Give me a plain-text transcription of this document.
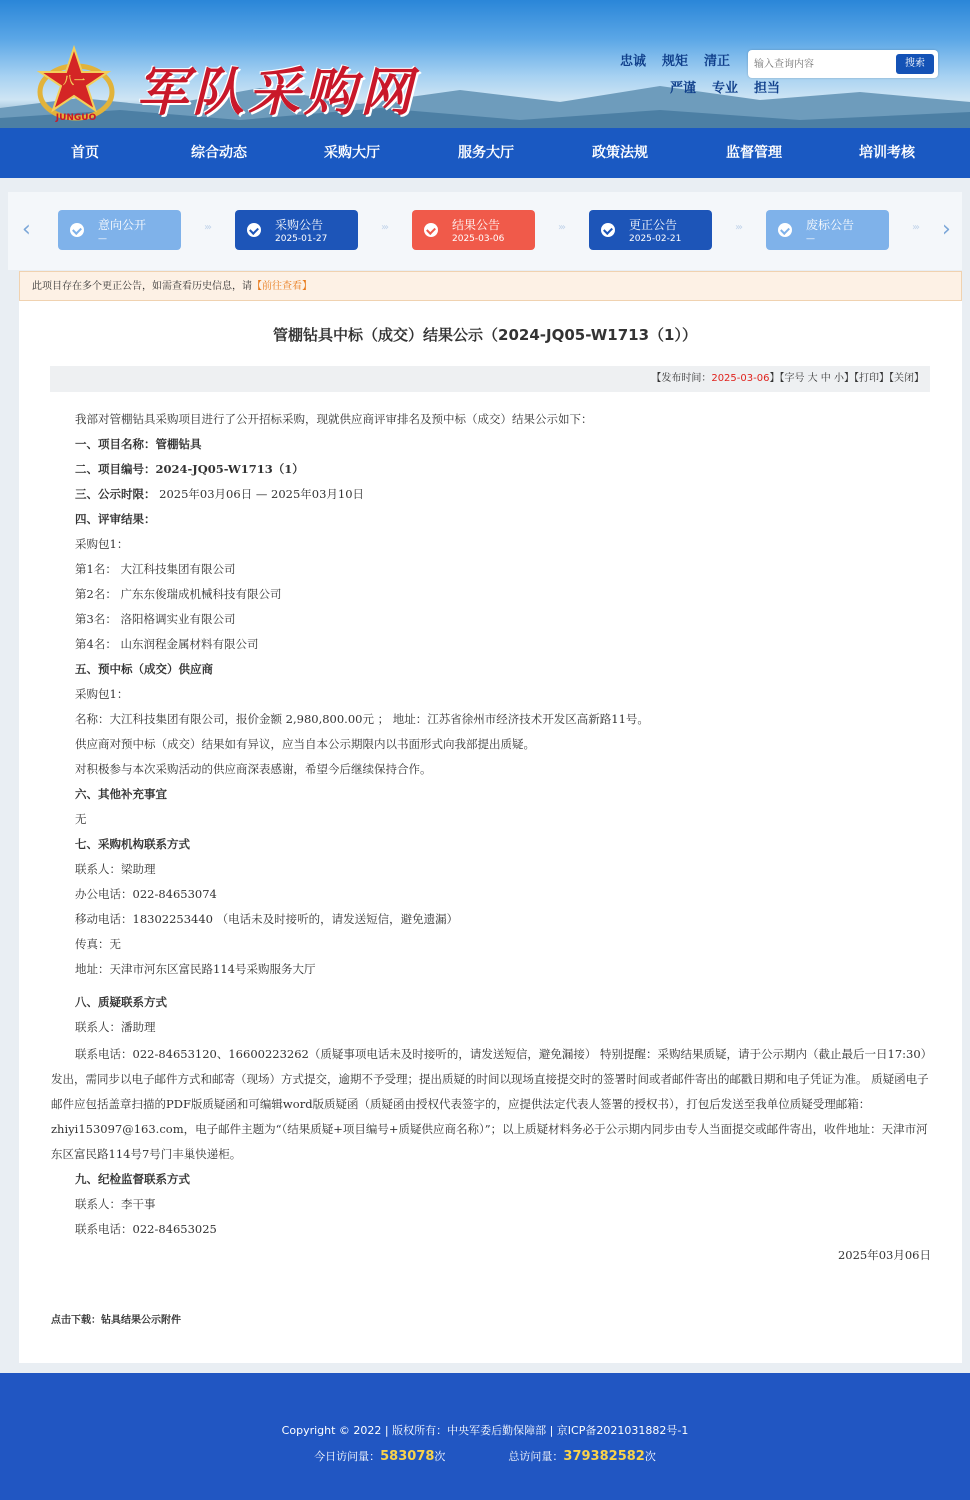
八一
JUNGUO 军队采购网
忠诚 规矩 清正
严谨 专业 担当
输入查询内容
搜索
首页	综合动态	采购大厅	服务大厅	政策法规	监督管理	培训考核
‹	›
意向公开
—
›››	采购公告
2025-01-27
›››	结果公告
2025-03-06
›››	更正公告
2025-02-21
›››	废标公告
—
›››
此项目存在多个更正公告，如需查看历史信息，请【前往查看】
管棚钻具中标（成交）结果公示（2024-JQ05-W1713（1））
【发布时间：2025-03-06】【字号 大 中 小】【打印】【关闭】
我部对管棚钻具采购项目进行了公开招标采购，现就供应商评审排名及预中标（成交）结果公示如下：
一、项目名称：管棚钻具
二、项目编号：2024-JQ05-W1713（1）
三、公示时限： 2025年03月06日 — 2025年03月10日
四、评审结果：
采购包1：
第1名： 大江科技集团有限公司
第2名： 广东东俊瑞成机械科技有限公司
第3名： 洛阳格调实业有限公司
第4名： 山东润程金属材料有限公司
五、预中标（成交）供应商
采购包1：
名称：大江科技集团有限公司，报价金额 2,980,800.00元 ； 地址：江苏省徐州市经济技术开发区高新路11号。
供应商对预中标（成交）结果如有异议，应当自本公示期限内以书面形式向我部提出质疑。
对积极参与本次采购活动的供应商深表感谢，希望今后继续保持合作。
六、其他补充事宜
无
七、采购机构联系方式
联系人：梁助理
办公电话：022-84653074
移动电话：18302253440 （电话未及时接听的，请发送短信，避免遗漏）
传真：无
地址：天津市河东区富民路114号采购服务大厅
八、质疑联系方式
联系人：潘助理
联系电话：022-84653120、16600223262（质疑事项电话未及时接听的，请发送短信，避免漏接） 特别提醒：采购结果质疑，请于公示期内（截止最后一日17:30）发出，需同步以电子邮件方式和邮寄（现场）方式提交，逾期不予受理；提出质疑的时间以现场直接提交时的签署时间或者邮件寄出的邮戳日期和电子凭证为准。 质疑函电子邮件应包括盖章扫描的PDF版质疑函和可编辑word版质疑函（质疑函由授权代表签字的，应提供法定代表人签署的授权书），打包后发送至我单位质疑受理邮箱：zhiyi153097@163.com，电子邮件主题为“（结果质疑+项目编号+质疑供应商名称）”；以上质疑材料务必于公示期内同步由专人当面提交或邮件寄出，收件地址：天津市河东区富民路114号7号门丰巢快递柜。
九、纪检监督联系方式
联系人：李干事
联系电话：022-84653025
2025年03月06日
点击下载：钻具结果公示附件
Copyright © 2022 | 版权所有：中央军委后勤保障部 | 京ICP备2021031882号-1
今日访问量：583078次	总访问量：379382582次
